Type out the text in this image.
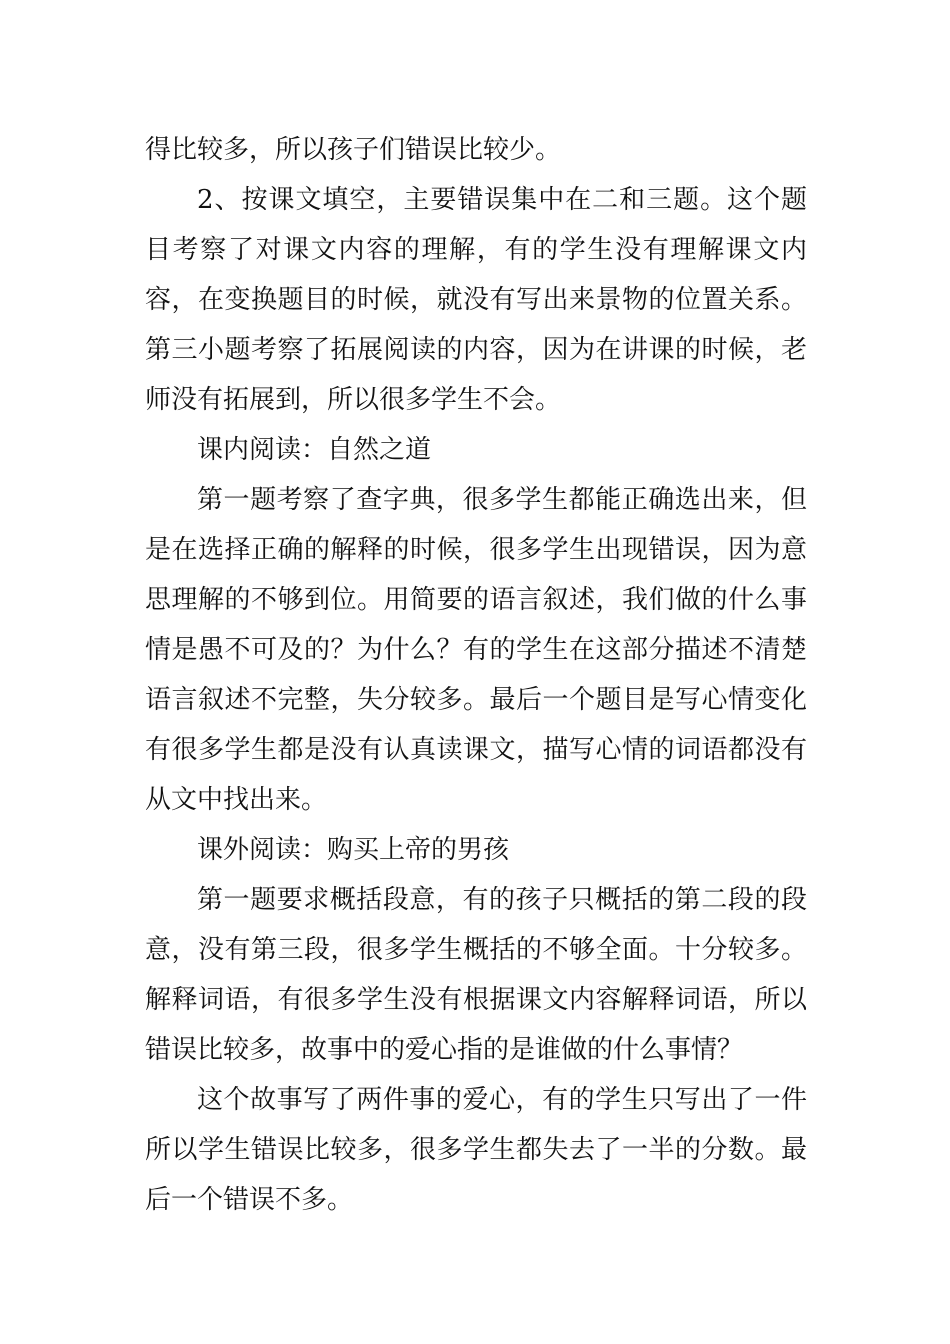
得比较多，所以孩子们错误比较少。

2、按课文填空，主要错误集中在二和三题。这个题目考察了对课文内容的理解，有的学生没有理解课文内容，在变换题目的时候，就没有写出来景物的位置关系。第三小题考察了拓展阅读的内容，因为在讲课的时候，老师没有拓展到，所以很多学生不会。

课内阅读：自然之道

第一题考察了查字典，很多学生都能正确选出来，但是在选择正确的解释的时候，很多学生出现错误，因为意思理解的不够到位。用简要的语言叙述，我们做的什么事情是愚不可及的？为什么？有的学生在这部分描述不清楚语言叙述不完整，失分较多。最后一个题目是写心情变化有很多学生都是没有认真读课文，描写心情的词语都没有从文中找出来。

课外阅读：购买上帝的男孩

第一题要求概括段意，有的孩子只概括的第二段的段意，没有第三段，很多学生概括的不够全面。十分较多。解释词语，有很多学生没有根据课文内容解释词语，所以错误比较多，故事中的爱心指的是谁做的什么事情？

这个故事写了两件事的爱心，有的学生只写出了一件所以学生错误比较多，很多学生都失去了一半的分数。最后一个错误不多。
